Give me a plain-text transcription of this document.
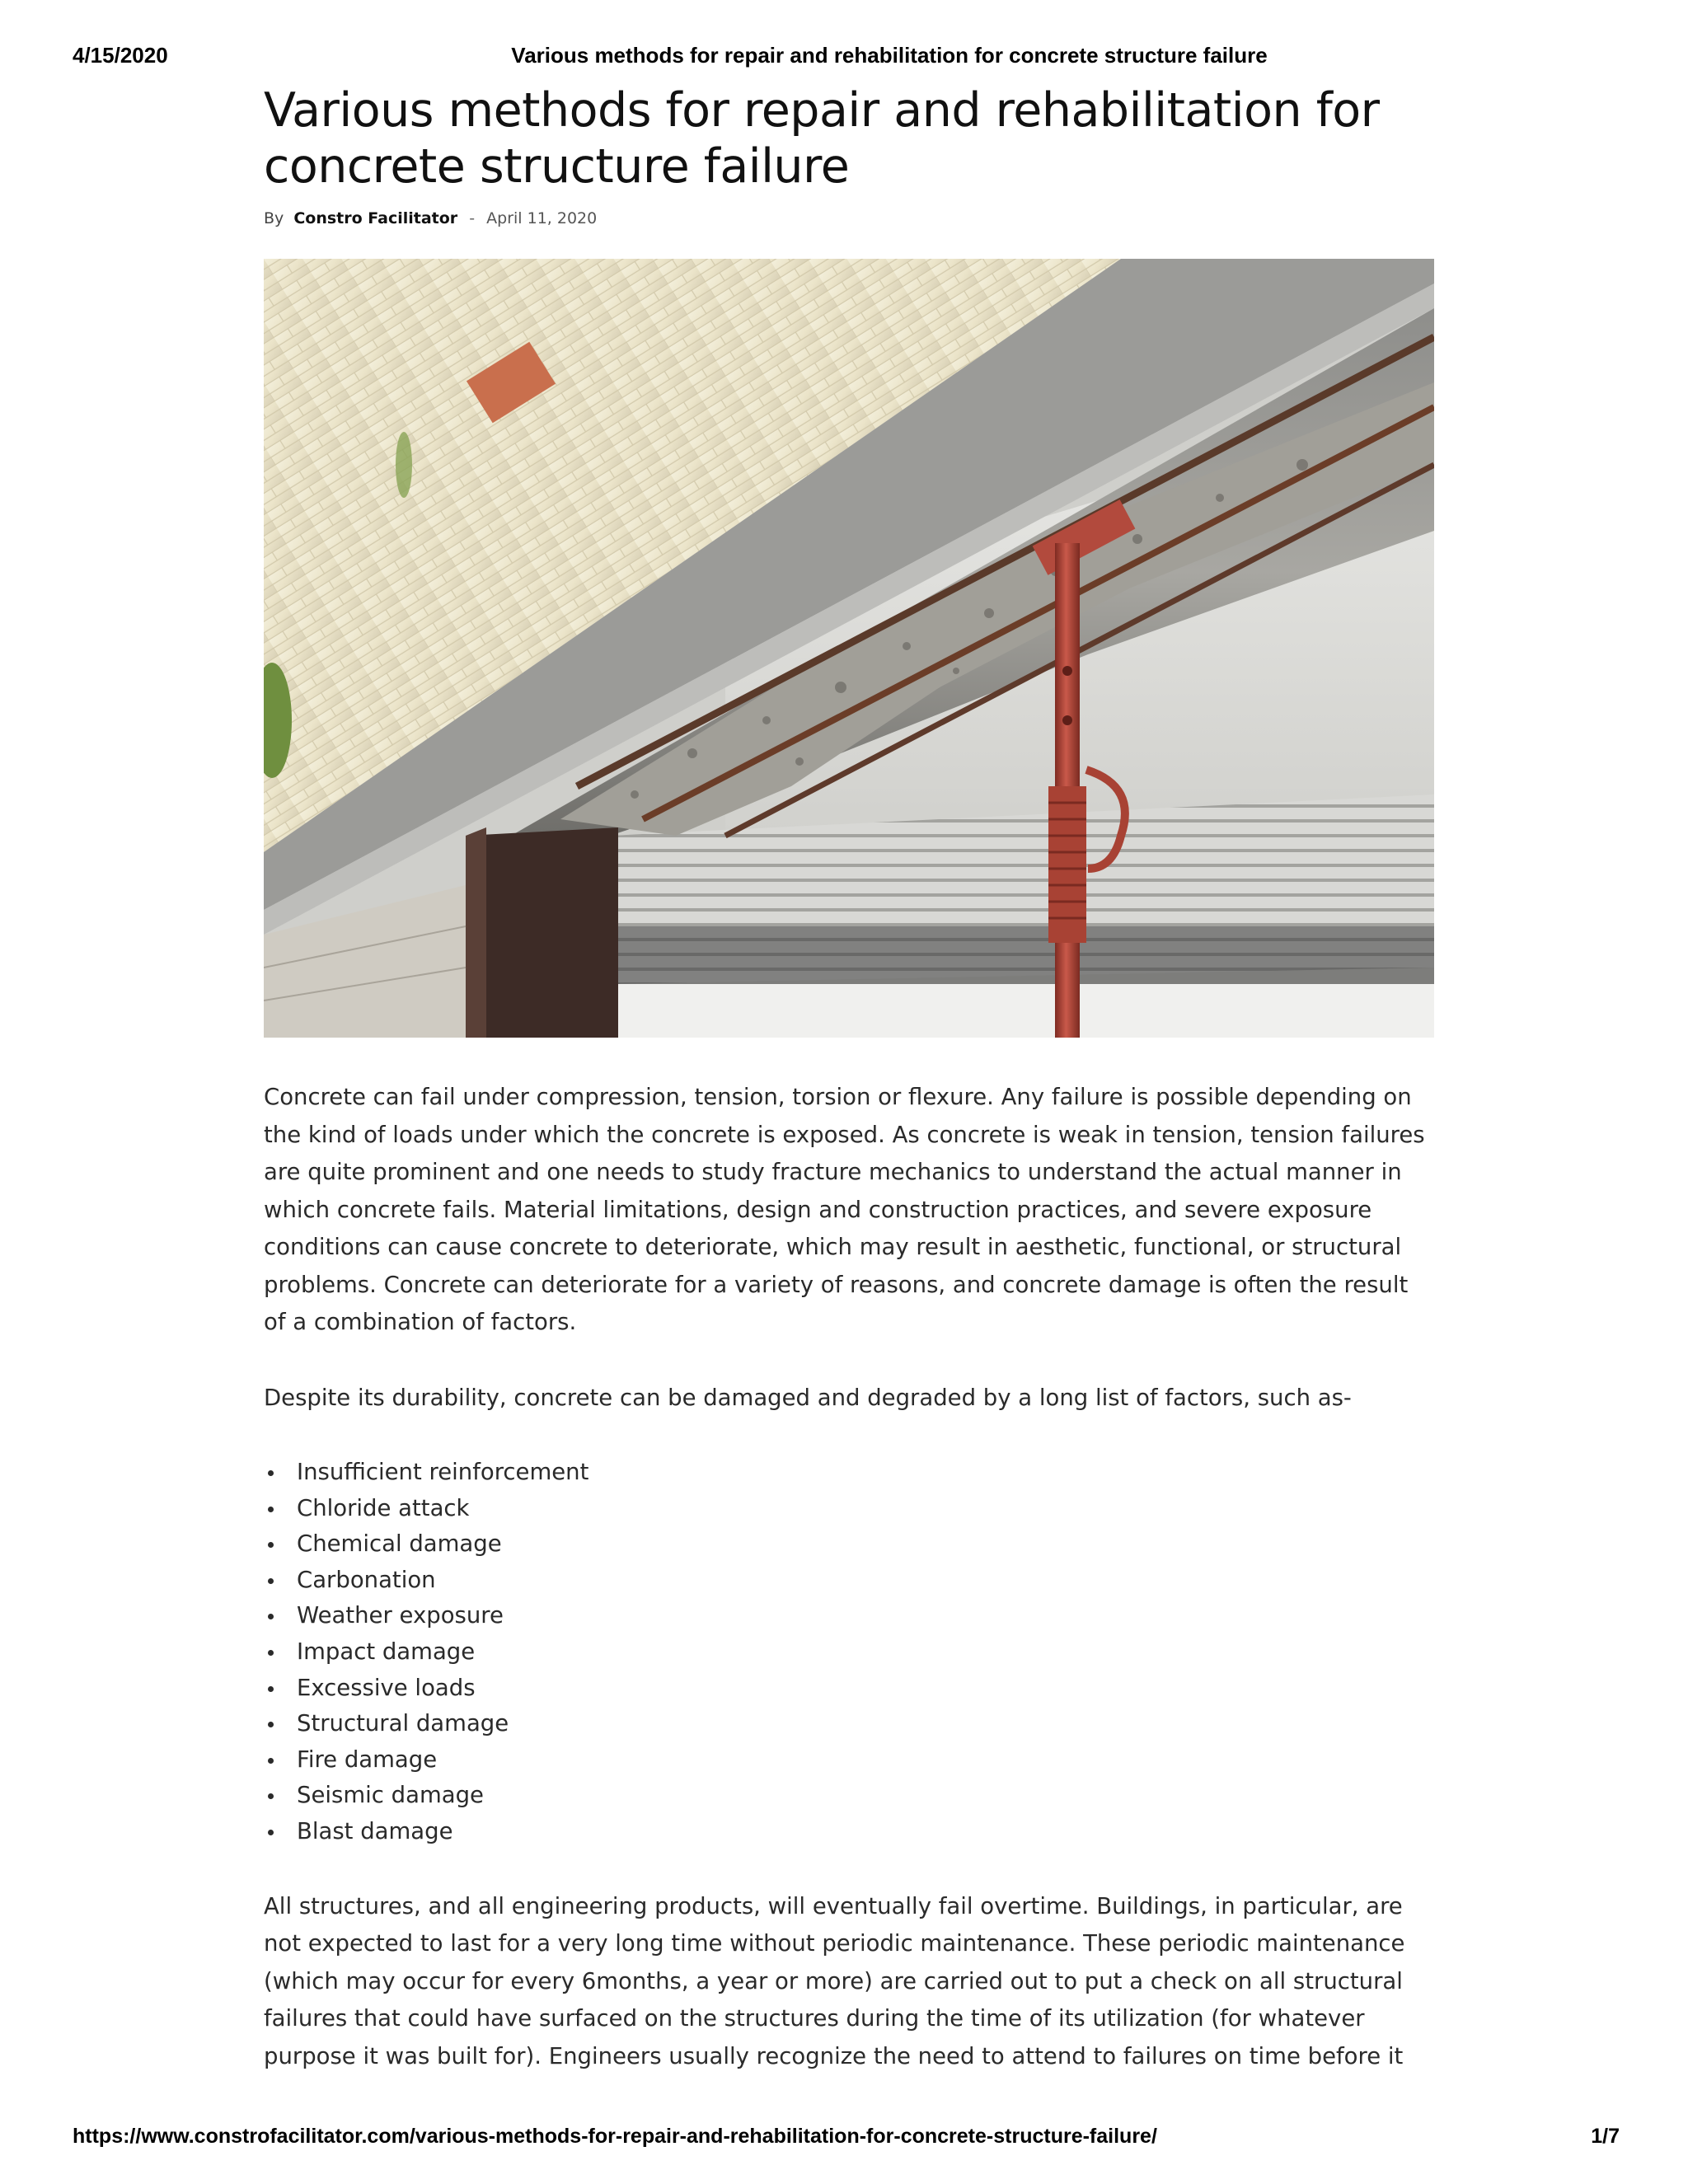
4/15/2020	Various methods for repair and rehabilitation for concrete structure failure
Various methods for repair and rehabilitation for concrete structure failure
By Constro Facilitator - April 11, 2020

Concrete can fail under compression, tension, torsion or flexure. Any failure is possible depending on the kind of loads under which the concrete is exposed. As concrete is weak in tension, tension failures are quite prominent and one needs to study fracture mechanics to understand the actual manner in which concrete fails. Material limitations, design and construction practices, and severe exposure conditions can cause concrete to deteriorate, which may result in aesthetic, functional, or structural problems. Concrete can deteriorate for a variety of reasons, and concrete damage is often the result of a combination of factors.

Despite its durability, concrete can be damaged and degraded by a long list of factors, such as-

Insufficient reinforcement
Chloride attack
Chemical damage
Carbonation
Weather exposure
Impact damage
Excessive loads
Structural damage
Fire damage
Seismic damage
Blast damage

All structures, and all engineering products, will eventually fail overtime. Buildings, in particular, are not expected to last for a very long time without periodic maintenance. These periodic maintenance (which may occur for every 6months, a year or more) are carried out to put a check on all structural failures that could have surfaced on the structures during the time of its utilization (for whatever purpose it was built for). Engineers usually recognize the need to attend to failures on time before it

https://www.constrofacilitator.com/various-methods-for-repair-and-rehabilitation-for-concrete-structure-failure/	1/7
